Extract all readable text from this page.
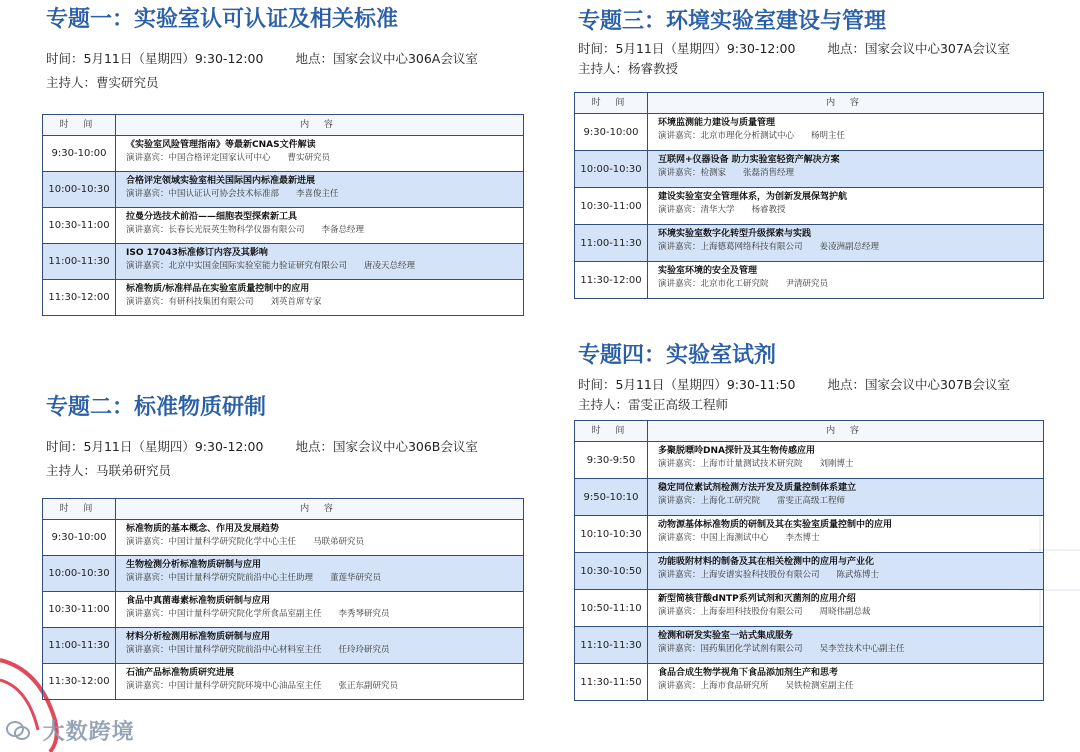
专题一：实验室认可认证及相关标准
时间：5月11日（星期四）9:30-12:00	地点：国家会议中心306A会议室
主持人：曹实研究员
时 间	内 容
9:30-10:00
《实验室风险管理指南》等最新CNAS文件解读
演讲嘉宾：中国合格评定国家认可中心　　曹实研究员
10:00-10:30
合格评定领域实验室相关国际国内标准最新进展
演讲嘉宾：中国认证认可协会技术标准部　　李喜俊主任
10:30-11:00
拉曼分选技术前沿——细胞表型探索新工具
演讲嘉宾：长春长光辰英生物科学仪器有限公司　　李备总经理
11:00-11:30
ISO 17043标准修订内容及其影响
演讲嘉宾：北京中实国金国际实验室能力验证研究有限公司　　唐凌天总经理
11:30-12:00
标准物质/标准样品在实验室质量控制中的应用
演讲嘉宾：有研科技集团有限公司　　刘英首席专家
专题二：标准物质研制
时间：5月11日（星期四）9:30-12:00	地点：国家会议中心306B会议室
主持人：马联弟研究员
时 间	内 容
9:30-10:00
标准物质的基本概念、作用及发展趋势
演讲嘉宾：中国计量科学研究院化学中心主任　　马联弟研究员
10:00-10:30
生物检测分析标准物质研制与应用
演讲嘉宾：中国计量科学研究院前沿中心主任助理　　董莲华研究员
10:30-11:00
食品中真菌毒素标准物质研制与应用
演讲嘉宾：中国计量科学研究院化学所食品室副主任　　李秀琴研究员
11:00-11:30
材料分析检测用标准物质研制与应用
演讲嘉宾：中国计量科学研究院前沿中心材料室主任　　任玲玲研究员
11:30-12:00
石油产品标准物质研究进展
演讲嘉宾：中国计量科学研究院环境中心油品室主任　　张正东副研究员
专题三：环境实验室建设与管理
时间：5月11日（星期四）9:30-12:00	地点：国家会议中心307A会议室
主持人：杨睿教授
时 间	内 容
9:30-10:00
环境监测能力建设与质量管理
演讲嘉宾：北京市理化分析测试中心　　杨明主任
10:00-10:30
互联网+仪器设备 助力实验室轻资产解决方案
演讲嘉宾：检测家　　张磊消售经理
10:30-11:00
建设实验室安全管理体系，为创新发展保驾护航
演讲嘉宾：清华大学　　杨睿教授
11:00-11:30
环境实验室数字化转型升级探索与实践
演讲嘉宾：上海德葛网络科技有限公司　　姜凌洲副总经理
11:30-12:00
实验室环境的安全及管理
演讲嘉宾：北京市化工研究院　　尹清研究员
专题四：实验室试剂
时间：5月11日（星期四）9:30-11:50	地点：国家会议中心307B会议室
主持人：雷雯正高级工程师
时 间	内 容
9:30-9:50
多聚脱嘌呤DNA探针及其生物传感应用
演讲嘉宾：上海市计量测试技术研究院　　刘刚博士
9:50-10:10
稳定同位素试剂检测方法开发及质量控制体系建立
演讲嘉宾：上海化工研究院　　雷雯正高级工程师
10:10-10:30
动物源基体标准物质的研制及其在实验室质量控制中的应用
演讲嘉宾：中国上海测试中心　　李杰博士
10:30-10:50
功能吸附材料的制备及其在相关检测中的应用与产业化
演讲嘉宾：上海安谱实验科技股份有限公司　　陈武炼博士
10:50-11:10
新型简核苷酸dNTP系列试剂和灭菌剂的应用介绍
演讲嘉宾：上海泰坦科技股份有限公司　　周晓伟副总裁
11:10-11:30
检测和研发实验室一站式集成服务
演讲嘉宾：国药集团化学试剂有限公司　　吴李笠技术中心副主任
11:30-11:50
食品合成生物学视角下食品添加剂生产和思考
演讲嘉宾：上海市食品研究所　　吴铁检测室副主任
大数跨境
